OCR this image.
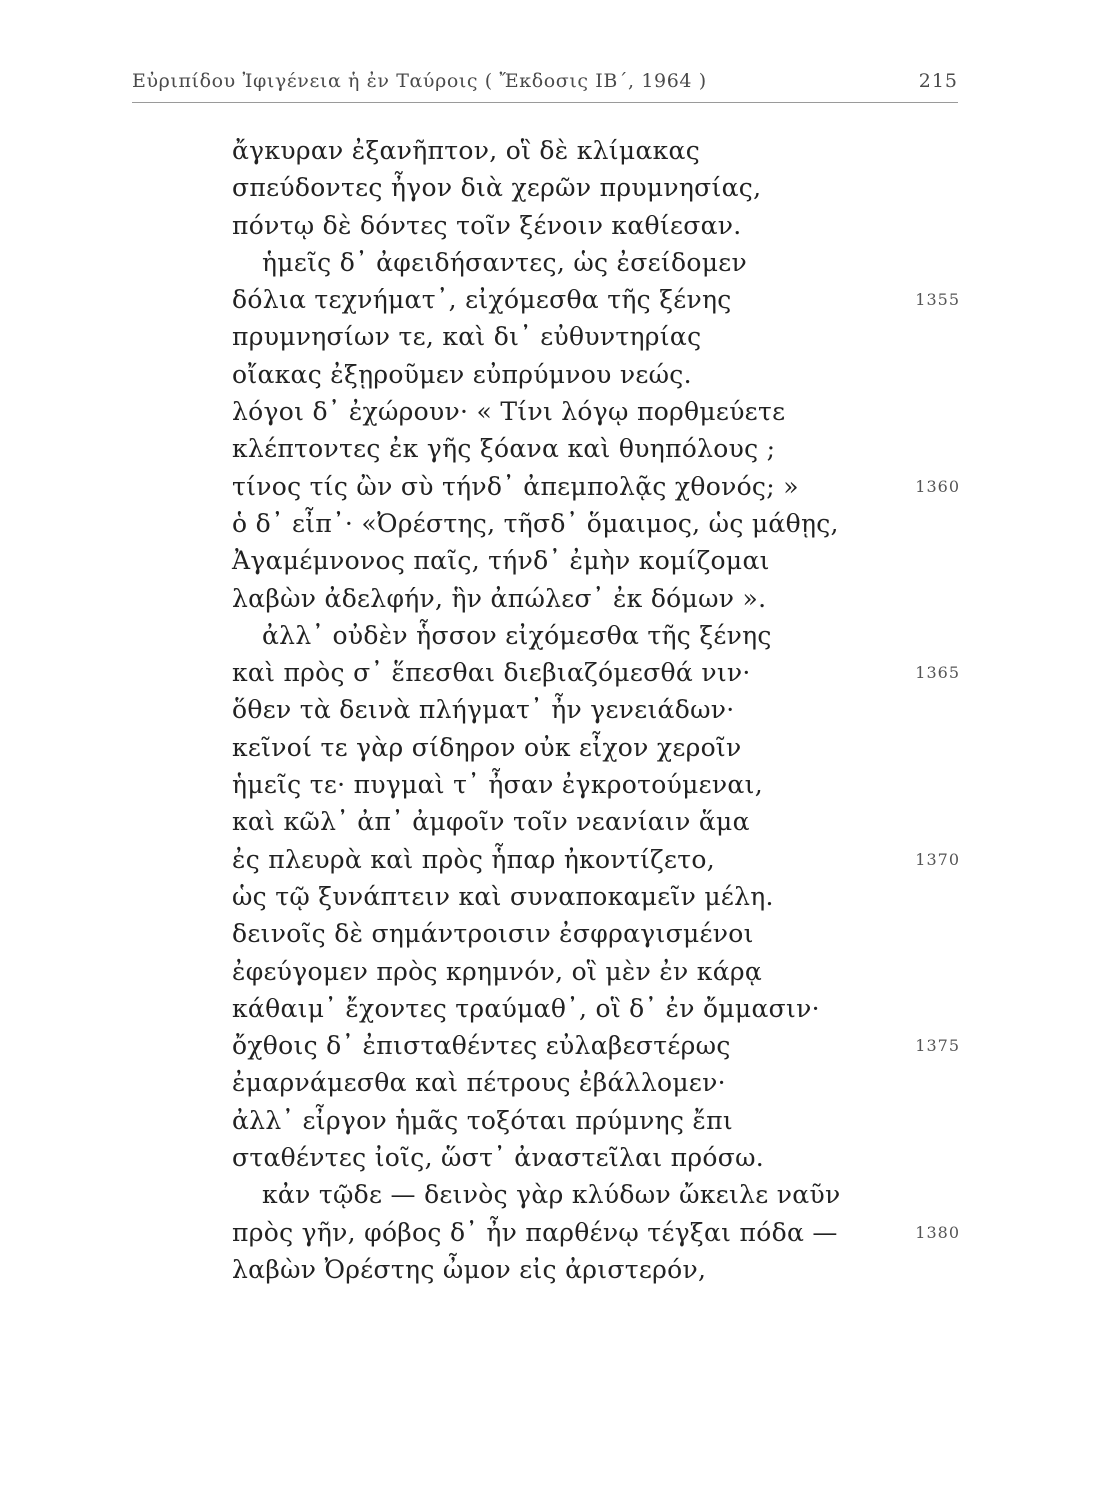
Εὐριπίδου Ἰφιγένεια ἡ ἐν Ταύροις ( Ἔκδοσις ΙΒ΄, 1964 )	215
ἄγκυραν ἐξανῆπτον, οἳ δὲ κλίμακας
σπεύδοντες ἦγον διὰ χερῶν πρυμνησίας,
πόντῳ δὲ δόντες τοῖν ξένοιν καθίεσαν.
ἡμεῖς δ᾿ ἀφειδήσαντες, ὡς ἐσείδομεν
δόλια τεχνήματ᾿, εἰχόμεσθα τῆς ξένης	1355
πρυμνησίων τε, καὶ δι᾿ εὐθυντηρίας
οἴακας ἐξῃροῦμεν εὐπρύμνου νεώς.
λόγοι δ᾿ ἐχώρουν· « Τίνι λόγῳ πορθμεύετε
κλέπτοντες ἐκ γῆς ξόανα καὶ θυηπόλους ;
τίνος τίς ὢν σὺ τήνδ᾿ ἀπεμπολᾷς χθονός; »	1360
ὁ δ᾿ εἶπ᾿· «Ὀρέστης, τῆσδ᾿ ὅμαιμος, ὡς μάθῃς,
Ἀγαμέμνονος παῖς, τήνδ᾿ ἐμὴν κομίζομαι
λαβὼν ἀδελφήν, ἣν ἀπώλεσ᾿ ἐκ δόμων ».
ἀλλ᾿ οὐδὲν ἧσσον εἰχόμεσθα τῆς ξένης
καὶ πρὸς σ᾿ ἕπεσθαι διεβιαζόμεσθά νιν·	1365
ὅθεν τὰ δεινὰ πλήγματ᾿ ἦν γενειάδων·
κεῖνοί τε γὰρ σίδηρον οὐκ εἶχον χεροῖν
ἡμεῖς τε· πυγμαὶ τ᾿ ἦσαν ἐγκροτούμεναι,
καὶ κῶλ᾿ ἀπ᾿ ἀμφοῖν τοῖν νεανίαιν ἅμα
ἐς πλευρὰ καὶ πρὸς ἧπαρ ἠκοντίζετο,	1370
ὡς τῷ ξυνάπτειν καὶ συναποκαμεῖν μέλη.
δεινοῖς δὲ σημάντροισιν ἐσφραγισμένοι
ἐφεύγομεν πρὸς κρημνόν, οἳ μὲν ἐν κάρᾳ
κάθαιμ᾿ ἔχοντες τραύμαθ᾿, οἳ δ᾿ ἐν ὄμμασιν·
ὄχθοις δ᾿ ἐπισταθέντες εὐλαβεστέρως	1375
ἐμαρνάμεσθα καὶ πέτρους ἐβάλλομεν·
ἀλλ᾿ εἶργον ἡμᾶς τοξόται πρύμνης ἔπι
σταθέντες ἰοῖς, ὥστ᾿ ἀναστεῖλαι πρόσω.
κἀν τῷδε — δεινὸς γὰρ κλύδων ὤκειλε ναῦν
πρὸς γῆν, φόβος δ᾿ ἦν παρθένῳ τέγξαι πόδα —	1380
λαβὼν Ὀρέστης ὦμον εἰς ἀριστερόν,
